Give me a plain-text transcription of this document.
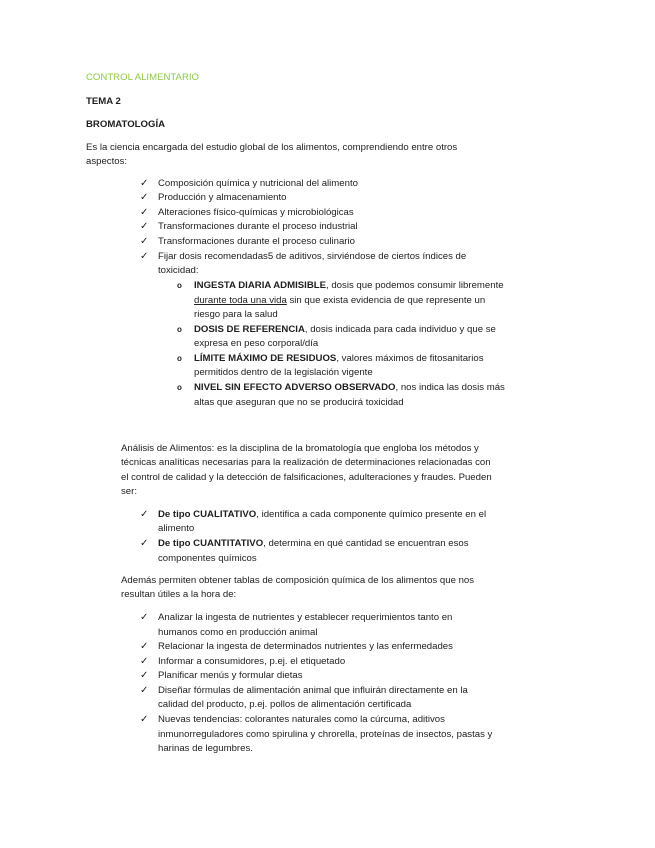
CONTROL ALIMENTARIO
TEMA 2
BROMATOLOGÍA
Es la ciencia encargada del estudio global de los alimentos, comprendiendo entre otros
aspectos:
✓ Composición química y nutricional del alimento
✓ Producción y almacenamiento
✓ Alteraciones físico-químicas y microbiológicas
✓ Transformaciones durante el proceso industrial
✓ Transformaciones durante el proceso culinario
✓ Fijar dosis recomendadas5 de aditivos, sirviéndose de ciertos índices de
toxicidad:
o INGESTA DIARIA ADMISIBLE, dosis que podemos consumir libremente
durante toda una vida sin que exista evidencia de que represente un
riesgo para la salud
o DOSIS DE REFERENCIA, dosis indicada para cada individuo y que se
expresa en peso corporal/día
o LÍMITE MÁXIMO DE RESIDUOS, valores máximos de fitosanitarios
permitidos dentro de la legislación vigente
o NIVEL SIN EFECTO ADVERSO OBSERVADO, nos indica las dosis más
altas que aseguran que no se producirá toxicidad
Análisis de Alimentos: es la disciplina de la bromatología que engloba los métodos y
técnicas analíticas necesarias para la realización de determinaciones relacionadas con
el control de calidad y la detección de falsificaciones, adulteraciones y fraudes. Pueden
ser:
✓ De tipo CUALITATIVO, identifica a cada componente químico presente en el
alimento
✓ De tipo CUANTITATIVO, determina en qué cantidad se encuentran esos
componentes químicos
Además permiten obtener tablas de composición química de los alimentos que nos
resultan útiles a la hora de:
✓ Analizar la ingesta de nutrientes y establecer requerimientos tanto en
humanos como en producción animal
✓ Relacionar la ingesta de determinados nutrientes y las enfermedades
✓ Informar a consumidores, p.ej. el etiquetado
✓ Planificar menús y formular dietas
✓ Diseñar fórmulas de alimentación animal que influirán directamente en la
calidad del producto, p.ej. pollos de alimentación certificada
✓ Nuevas tendencias: colorantes naturales como la cúrcuma, aditivos
inmunorreguladores como spirulina y chrorella, proteínas de insectos, pastas y
harinas de legumbres.
